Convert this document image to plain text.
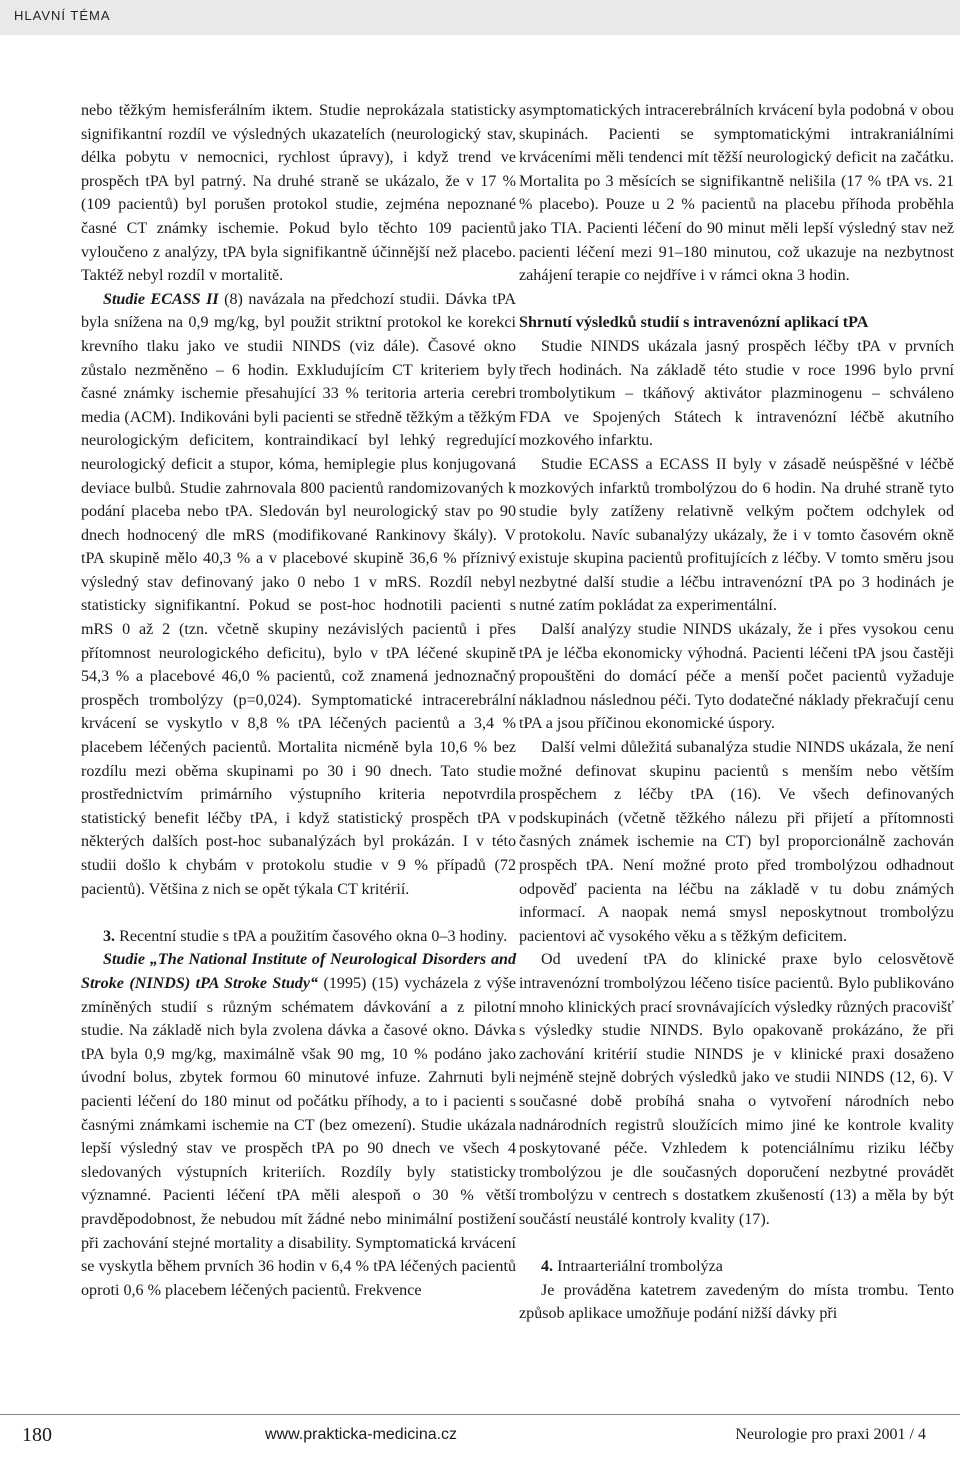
HLAVNÍ TÉMA

nebo těžkým hemisferálním iktem. Studie neprokázala statisticky signifikantní rozdíl ve výsledných ukazatelích (neurologický stav, délka pobytu v nemocnici, rychlost úpravy), i když trend ve prospěch tPA byl patrný. Na druhé straně se ukázalo, že v 17 % (109 pacientů) byl porušen protokol studie, zejména nepoznané časné CT známky ischemie. Pokud bylo těchto 109 pacientů vyloučeno z analýzy, tPA byla signifikantně účinnější než placebo. Taktéž nebyl rozdíl v mortalitě.

Studie ECASS II (8) navázala na předchozí studii. Dávka tPA byla snížena na 0,9 mg/kg, byl použit striktní protokol ke korekci krevního tlaku jako ve studii NINDS (viz dále). Časové okno zůstalo nezměněno – 6 hodin. Exkludujícím CT kriteriem byly časné známky ischemie přesahující 33 % teritoria arteria cerebri media (ACM). Indikováni byli pacienti se středně těžkým a těžkým neurologickým deficitem, kontraindikací byl lehký regredující neurologický deficit a stupor, kóma, hemiplegie plus konjugovaná deviace bulbů. Studie zahrnovala 800 pacientů randomizovaných k podání placeba nebo tPA. Sledován byl neurologický stav po 90 dnech hodnocený dle mRS (modifikované Rankinovy škály). V tPA skupině mělo 40,3 % a v placebové skupině 36,6 % příznivý výsledný stav definovaný jako 0 nebo 1 v mRS. Rozdíl nebyl statisticky signifikantní. Pokud se post-hoc hodnotili pacienti s mRS 0 až 2 (tzn. včetně skupiny nezávislých pacientů i přes přítomnost neurologického deficitu), bylo v tPA léčené skupině 54,3 % a placebové 46,0 % pacientů, což znamená jednoznačný prospěch trombolýzy (p=0,024). Symptomatické intracerebrální krvácení se vyskytlo v 8,8 % tPA léčených pacientů a 3,4 % placebem léčených pacientů. Mortalita nicméně byla 10,6 % bez rozdílu mezi oběma skupinami po 30 i 90 dnech. Tato studie prostřednictvím primárního výstupního kriteria nepotvrdila statistický benefit léčby tPA, i když statistický prospěch tPA v některých dalších post-hoc subanalýzách byl prokázán. I v této studii došlo k chybám v protokolu studie v 9 % případů (72 pacientů). Většina z nich se opět týkala CT kritérií.

3. Recentní studie s tPA a použitím časového okna 0–3 hodiny.

Studie „The National Institute of Neurological Disorders and Stroke (NINDS) tPA Stroke Study“ (1995) (15) vycházela z výše zmíněných studií s různým schématem dávkování a z pilotní studie. Na základě nich byla zvolena dávka a časové okno. Dávka tPA byla 0,9 mg/kg, maximálně však 90 mg, 10 % podáno jako úvodní bolus, zbytek formou 60 minutové infuze. Zahrnuti byli pacienti léčení do 180 minut od počátku příhody, a to i pacienti s časnými známkami ischemie na CT (bez omezení). Studie ukázala lepší výsledný stav ve prospěch tPA po 90 dnech ve všech 4 sledovaných výstupních kriteriích. Rozdíly byly statisticky významné. Pacienti léčení tPA měli alespoň o 30 % větší pravděpodobnost, že nebudou mít žádné nebo minimální postižení při zachování stejné mortality a disability. Symptomatická krvácení se vyskytla během prvních 36 hodin v 6,4 % tPA léčených pacientů oproti 0,6 % placebem léčených pacientů. Frekvence

asymptomatických intracerebrálních krvácení byla podobná v obou skupinách. Pacienti se symptomatickými intrakraniálními krváceními měli tendenci mít těžší neurologický deficit na začátku. Mortalita po 3 měsících se signifikantně nelišila (17 % tPA vs. 21 % placebo). Pouze u 2 % pacientů na placebu příhoda proběhla jako TIA. Pacienti léčení do 90 minut měli lepší výsledný stav než pacienti léčení mezi 91–180 minutou, což ukazuje na nezbytnost zahájení terapie co nejdříve i v rámci okna 3 hodin.

Shrnutí výsledků studií s intravenózní aplikací tPA

Studie NINDS ukázala jasný prospěch léčby tPA v prvních třech hodinách. Na základě této studie v roce 1996 bylo první trombolytikum – tkáňový aktivátor plazminogenu – schváleno FDA ve Spojených Státech k intravenózní léčbě akutního mozkového infarktu.

Studie ECASS a ECASS II byly v zásadě neúspěšné v léčbě mozkových infarktů trombolýzou do 6 hodin. Na druhé straně tyto studie byly zatíženy relativně velkým počtem odchylek od protokolu. Navíc subanalýzy ukázaly, že i v tomto časovém okně existuje skupina pacientů profitujících z léčby. V tomto směru jsou nezbytné další studie a léčbu intravenózní tPA po 3 hodinách je nutné zatím pokládat za experimentální.

Další analýzy studie NINDS ukázaly, že i přes vysokou cenu tPA je léčba ekonomicky výhodná. Pacienti léčeni tPA jsou častěji propouštěni do domácí péče a menší počet pacientů vyžaduje nákladnou následnou péči. Tyto dodatečné náklady překračují cenu tPA a jsou příčinou ekonomické úspory.

Další velmi důležitá subanalýza studie NINDS ukázala, že není možné definovat skupinu pacientů s menším nebo větším prospěchem z léčby tPA (16). Ve všech definovaných podskupinách (včetně těžkého nálezu při přijetí a přítomnosti časných známek ischemie na CT) byl proporcionálně zachován prospěch tPA. Není možné proto před trombolýzou odhadnout odpověď pacienta na léčbu na základě v tu dobu známých informací. A naopak nemá smysl neposkytnout trombolýzu pacientovi ač vysokého věku a s těžkým deficitem.

Od uvedení tPA do klinické praxe bylo celosvětově intravenózní trombolýzou léčeno tisíce pacientů. Bylo publikováno mnoho klinických prací srovnávajících výsledky různých pracovišť s výsledky studie NINDS. Bylo opakovaně prokázáno, že při zachování kritérií studie NINDS je v klinické praxi dosaženo nejméně stejně dobrých výsledků jako ve studii NINDS (12, 6). V současné době probíhá snaha o vytvoření národních nebo nadnárodních registrů sloužících mimo jiné ke kontrole kvality poskytované péče. Vzhledem k potenciálnímu riziku léčby trombolýzou je dle současných doporučení nezbytné provádět trombolýzu v centrech s dostatkem zkušeností (13) a měla by být součástí neustálé kontroly kvality (17).

4. Intraarteriální trombolýza

Je prováděna katetrem zavedeným do místa trombu. Tento způsob aplikace umožňuje podání nižší dávky při

180	www.prakticka-medicina.cz	Neurologie pro praxi 2001 / 4
